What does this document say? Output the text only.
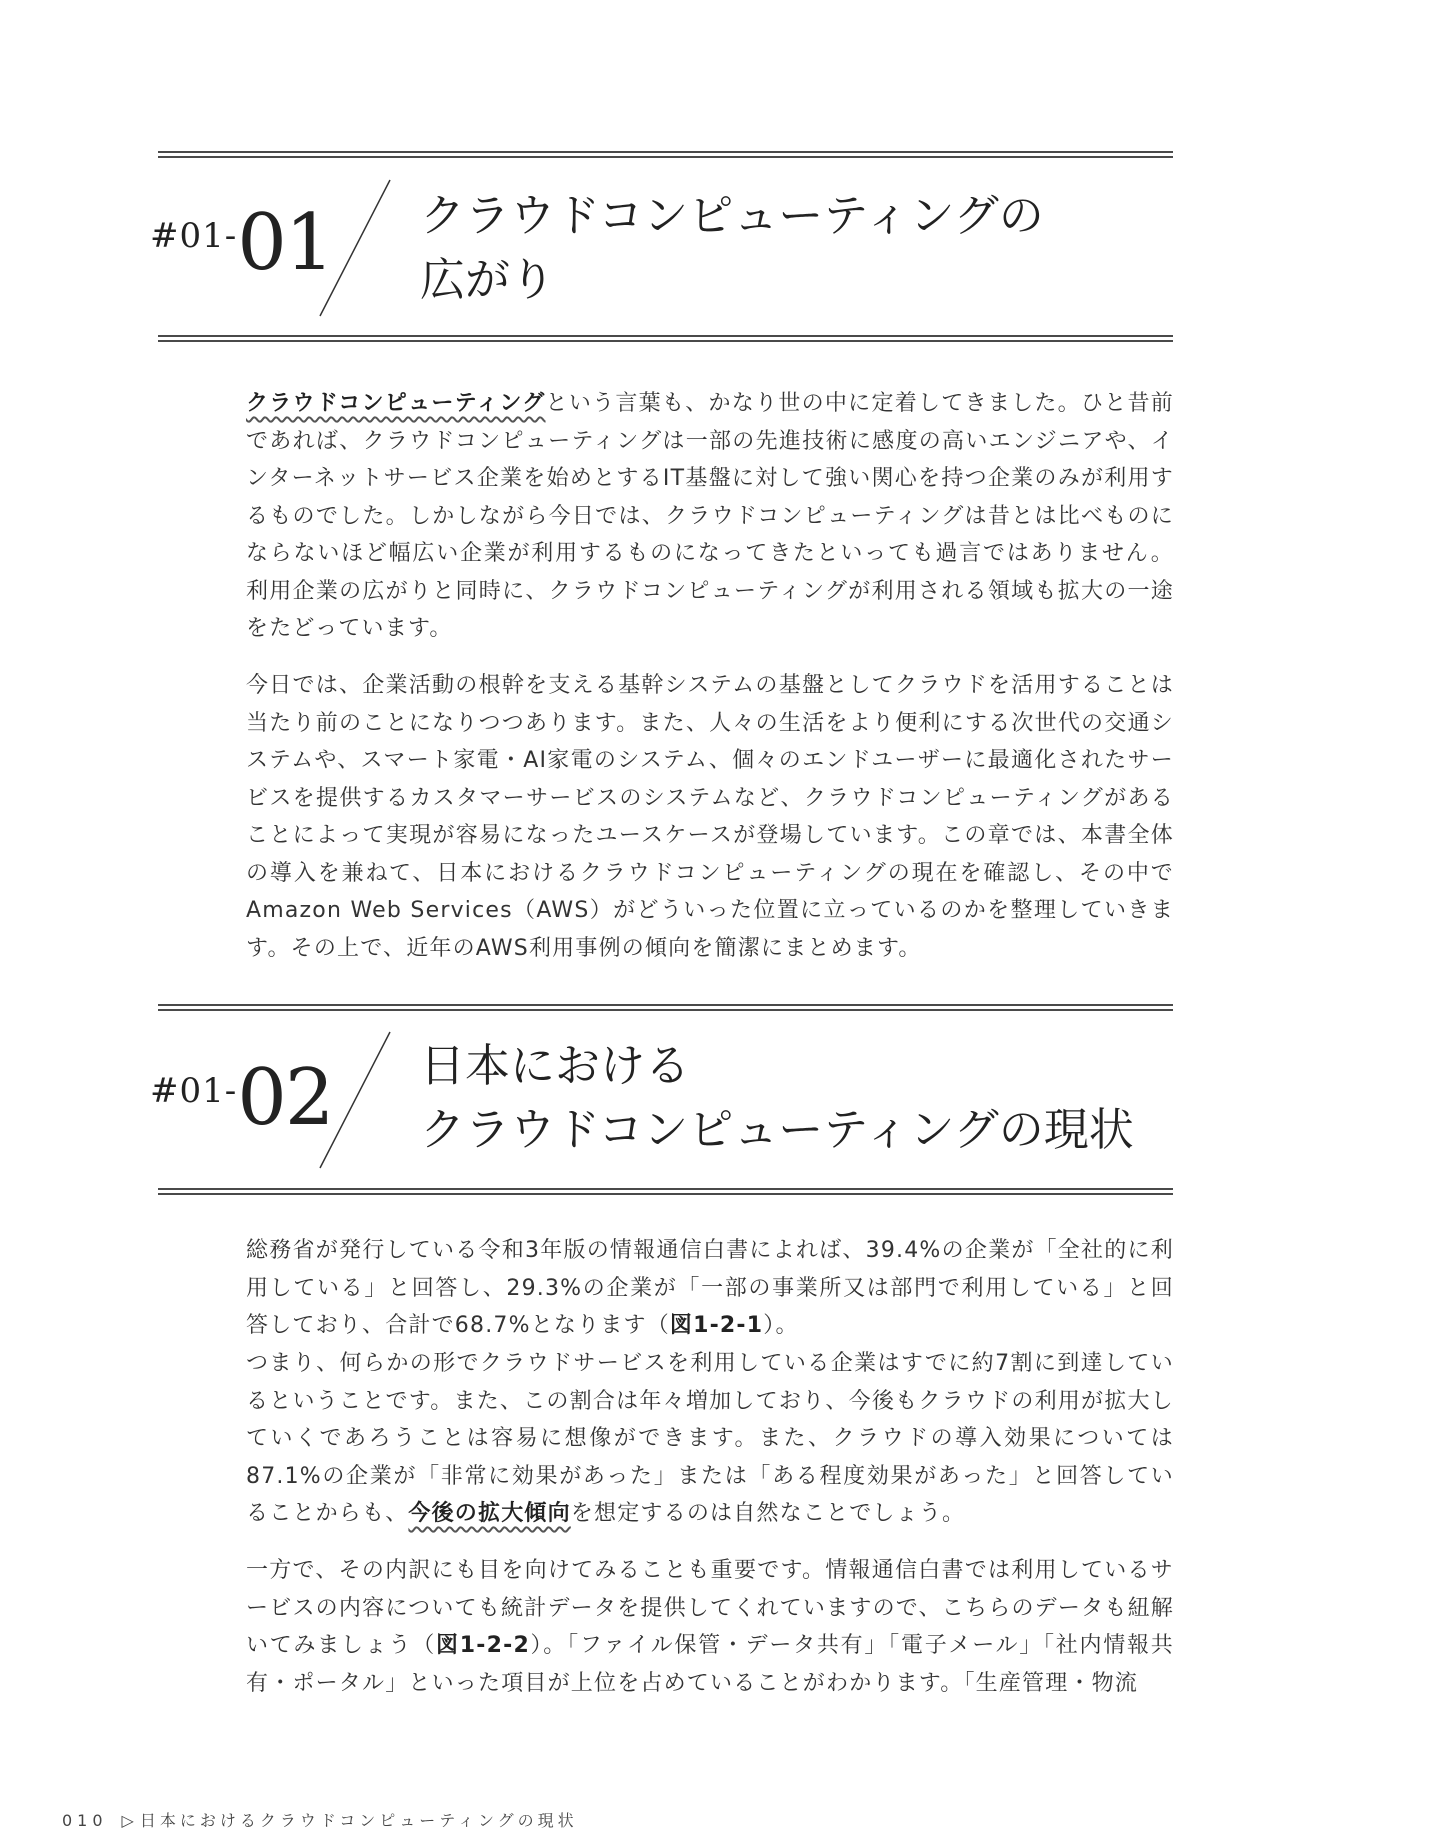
#01-01 クラウドコンピューティングの
広がり

クラウドコンピューティングという言葉も、かなり世の中に定着してきました。ひと昔前であれば、クラウドコンピューティングは一部の先進技術に感度の高いエンジニアや、インターネットサービス企業を始めとするIT基盤に対して強い関心を持つ企業のみが利用するものでした。しかしながら今日では、クラウドコンピューティングは昔とは比べものにならないほど幅広い企業が利用するものになってきたといっても過言ではありません。利用企業の広がりと同時に、クラウドコンピューティングが利用される領域も拡大の一途をたどっています。

今日では、企業活動の根幹を支える基幹システムの基盤としてクラウドを活用することは当たり前のことになりつつあります。また、人々の生活をより便利にする次世代の交通システムや、スマート家電・AI家電のシステム、個々のエンドユーザーに最適化されたサービスを提供するカスタマーサービスのシステムなど、クラウドコンピューティングがあることによって実現が容易になったユースケースが登場しています。この章では、本書全体の導入を兼ねて、日本におけるクラウドコンピューティングの現在を確認し、その中でAmazon Web Services（AWS）がどういった位置に立っているのかを整理していきます。その上で、近年のAWS利用事例の傾向を簡潔にまとめます。

#01-02 日本における
クラウドコンピューティングの現状

総務省が発行している令和3年版の情報通信白書によれば、39.4%の企業が「全社的に利用している」と回答し、29.3%の企業が「一部の事業所又は部門で利用している」と回答しており、合計で68.7%となります（図1-2-1）。

つまり、何らかの形でクラウドサービスを利用している企業はすでに約7割に到達しているということです。また、この割合は年々増加しており、今後もクラウドの利用が拡大していくであろうことは容易に想像ができます。また、クラウドの導入効果については87.1%の企業が「非常に効果があった」または「ある程度効果があった」と回答していることからも、今後の拡大傾向を想定するのは自然なことでしょう。

一方で、その内訳にも目を向けてみることも重要です。情報通信白書では利用しているサービスの内容についても統計データを提供してくれていますので、こちらのデータも紐解いてみましょう（図1-2-2）。「ファイル保管・データ共有」「電子メール」「社内情報共有・ポータル」といった項目が上位を占めていることがわかります。「生産管理・物流

010 ▷ 日本におけるクラウドコンピューティングの現状
